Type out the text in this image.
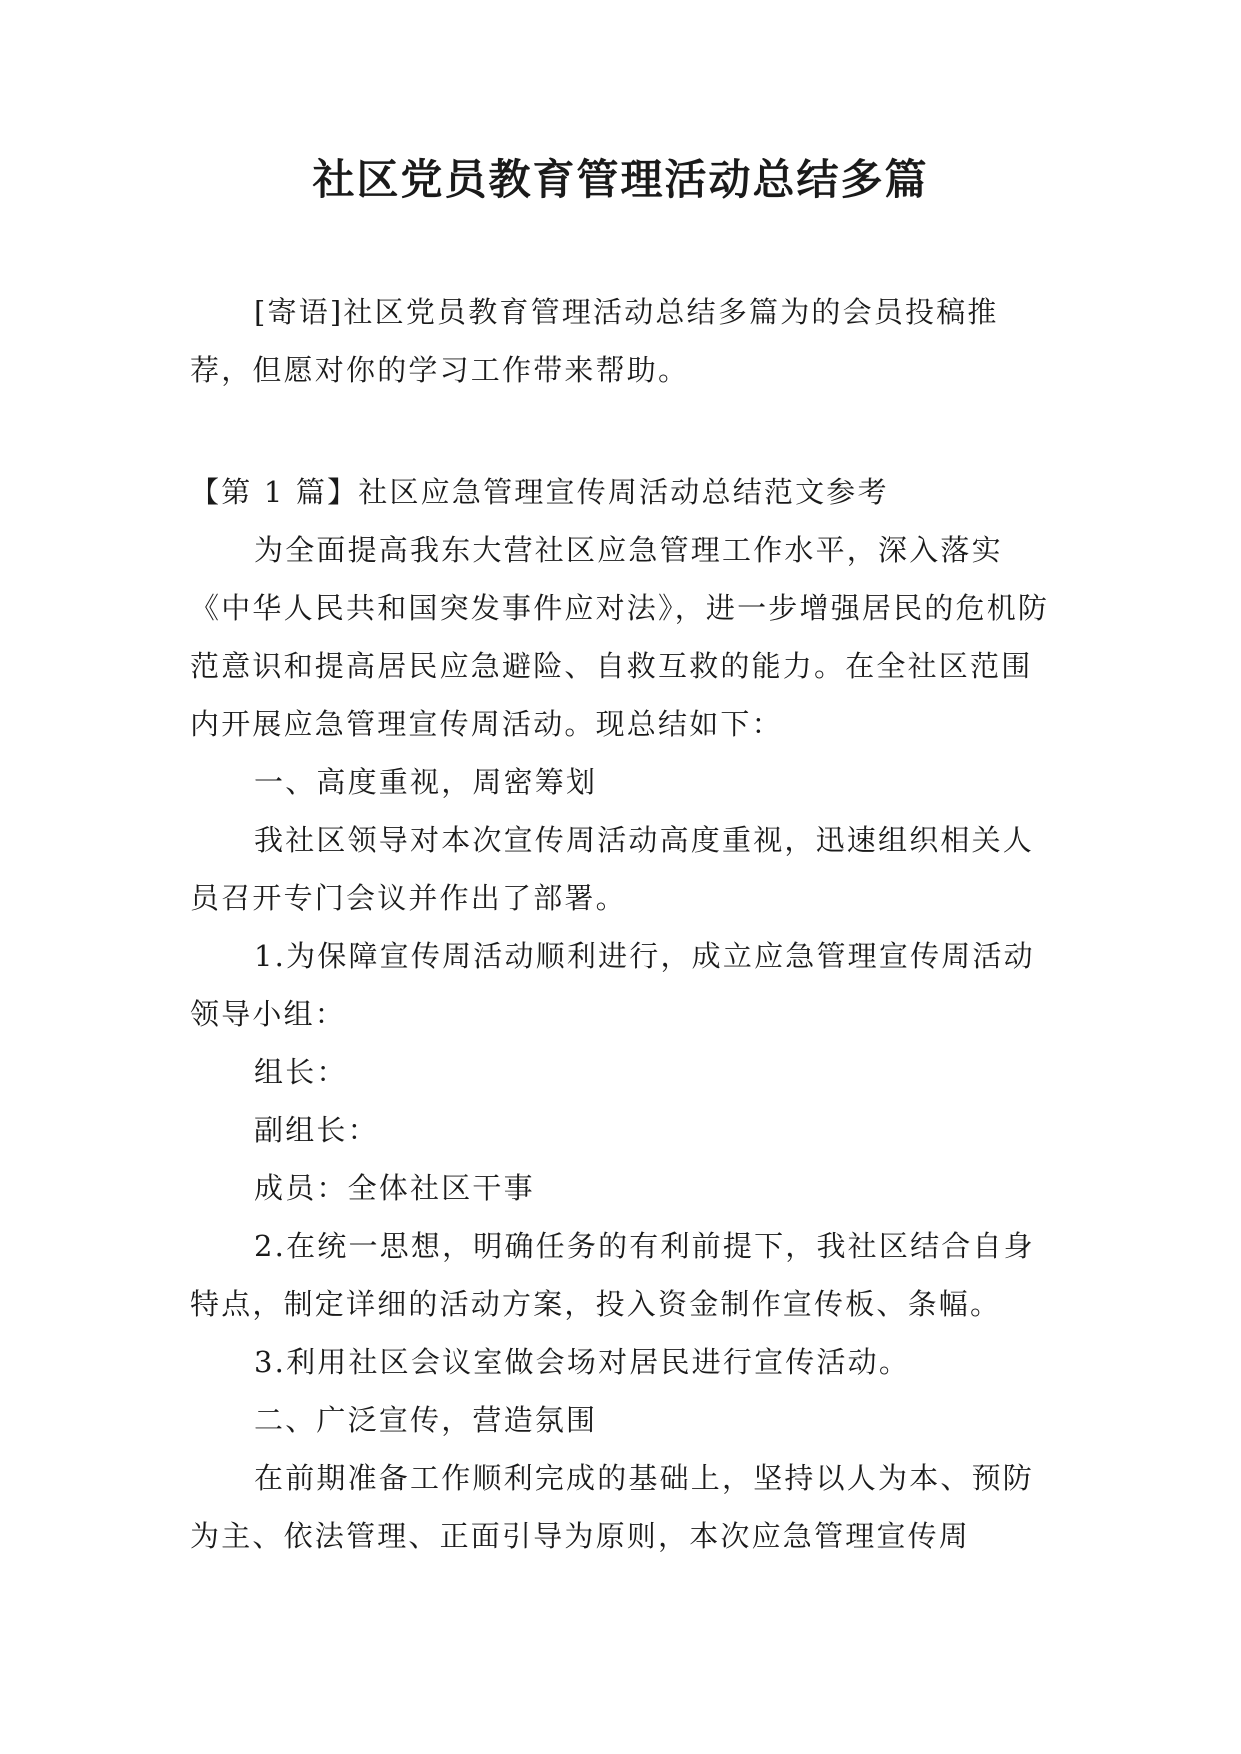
社区党员教育管理活动总结多篇

[寄语]社区党员教育管理活动总结多篇为的会员投稿推荐，但愿对你的学习工作带来帮助。

【第 1 篇】社区应急管理宣传周活动总结范文参考

为全面提高我东大营社区应急管理工作水平，深入落实《中华人民共和国突发事件应对法》，进一步增强居民的危机防范意识和提高居民应急避险、自救互救的能力。在全社区范围内开展应急管理宣传周活动。现总结如下：

一、高度重视，周密筹划

我社区领导对本次宣传周活动高度重视，迅速组织相关人员召开专门会议并作出了部署。

1.为保障宣传周活动顺利进行，成立应急管理宣传周活动领导小组：

组长：

副组长：

成员：全体社区干事

2.在统一思想，明确任务的有利前提下，我社区结合自身特点，制定详细的活动方案，投入资金制作宣传板、条幅。

3.利用社区会议室做会场对居民进行宣传活动。

二、广泛宣传，营造氛围

在前期准备工作顺利完成的基础上，坚持以人为本、预防为主、依法管理、正面引导为原则，本次应急管理宣传周
